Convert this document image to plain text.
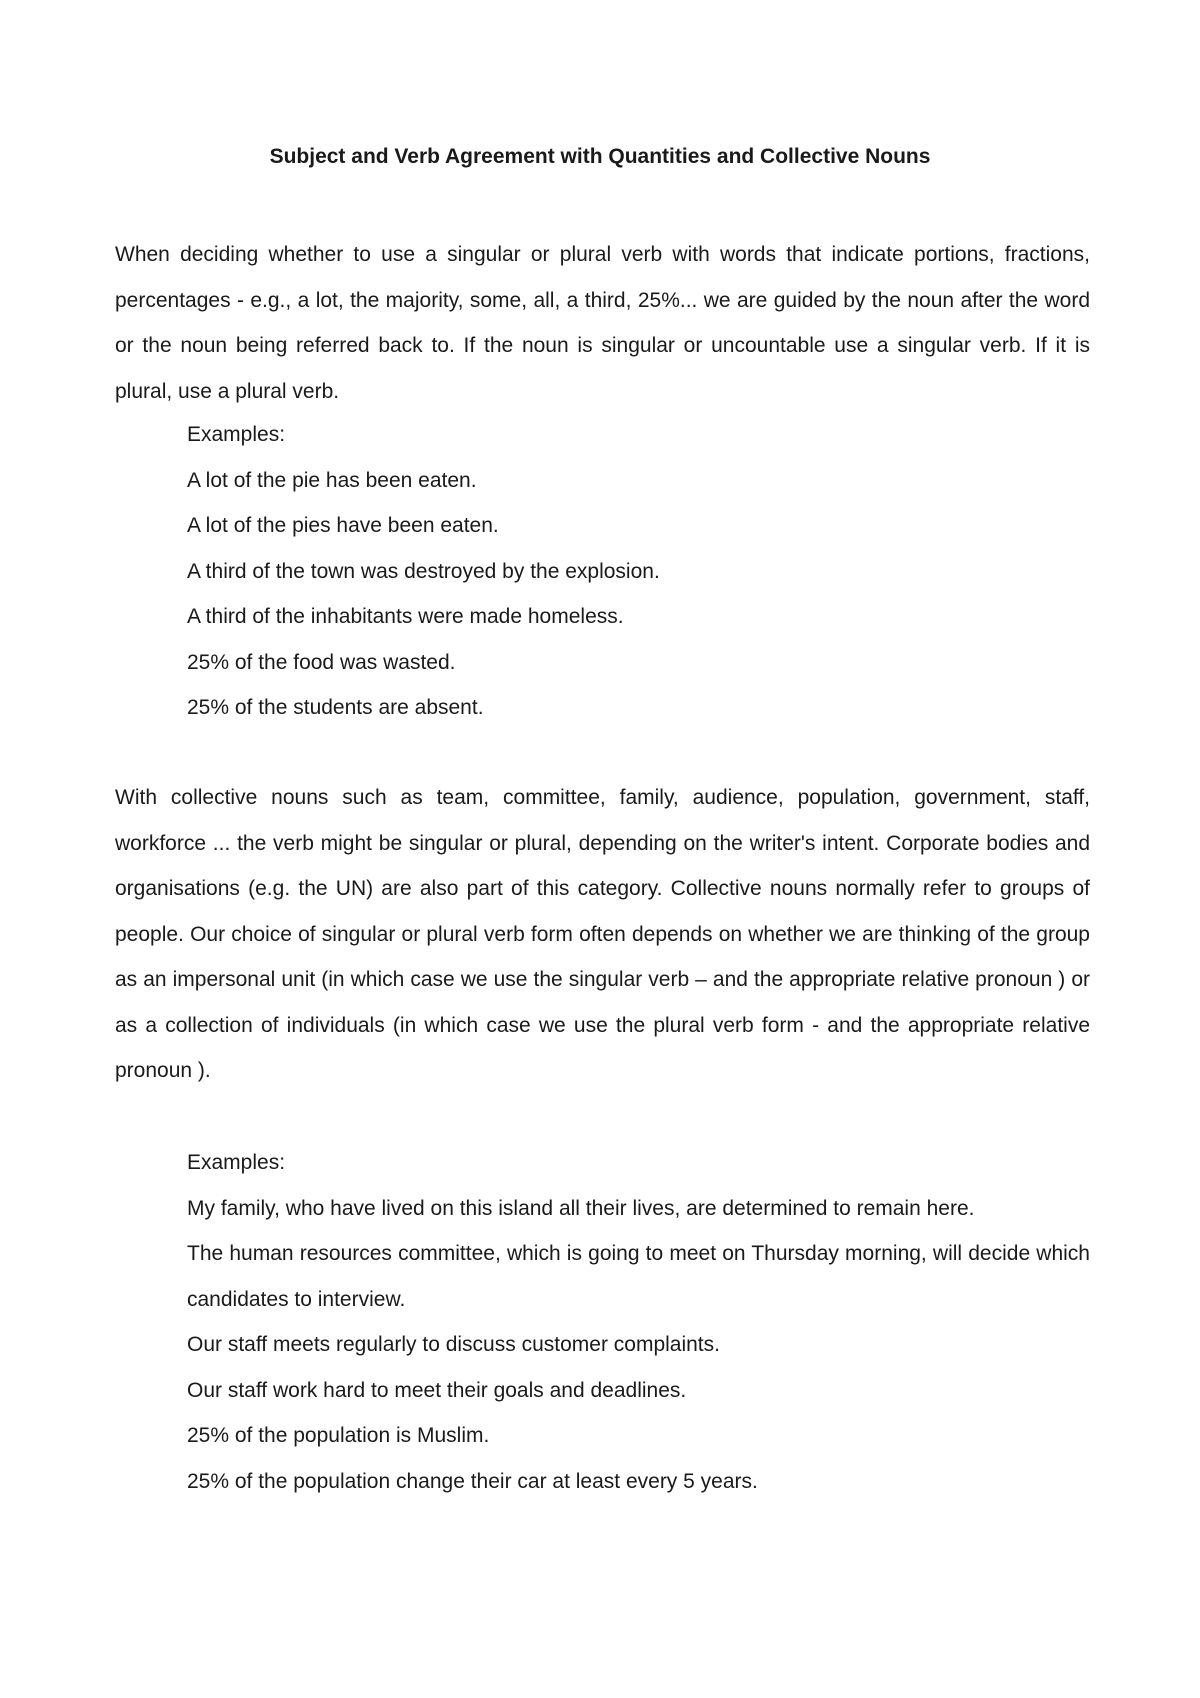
Subject and Verb Agreement with Quantities and Collective Nouns

When deciding whether to use a singular or plural verb with words that indicate portions, fractions, percentages - e.g., a lot, the majority, some, all, a third, 25%... we are guided by the noun after the word or the noun being referred back to. If the noun is singular or uncountable use a singular verb. If it is plural, use a plural verb.

Examples:
A lot of the pie has been eaten.
A lot of the pies have been eaten.
A third of the town was destroyed by the explosion.
A third of the inhabitants were made homeless.
25% of the food was wasted.
25% of the students are absent.

With collective nouns such as team, committee, family, audience, population, government, staff, workforce ... the verb might be singular or plural, depending on the writer's intent. Corporate bodies and organisations (e.g. the UN) are also part of this category. Collective nouns normally refer to groups of people. Our choice of singular or plural verb form often depends on whether we are thinking of the group as an impersonal unit (in which case we use the singular verb – and the appropriate relative pronoun ) or as a collection of individuals (in which case we use the plural verb form - and the appropriate relative pronoun ).

Examples:
My family, who have lived on this island all their lives, are determined to remain here.
The human resources committee, which is going to meet on Thursday morning, will decide which candidates to interview.
Our staff meets regularly to discuss customer complaints.
Our staff work hard to meet their goals and deadlines.
25% of the population is Muslim.
25% of the population change their car at least every 5 years.
